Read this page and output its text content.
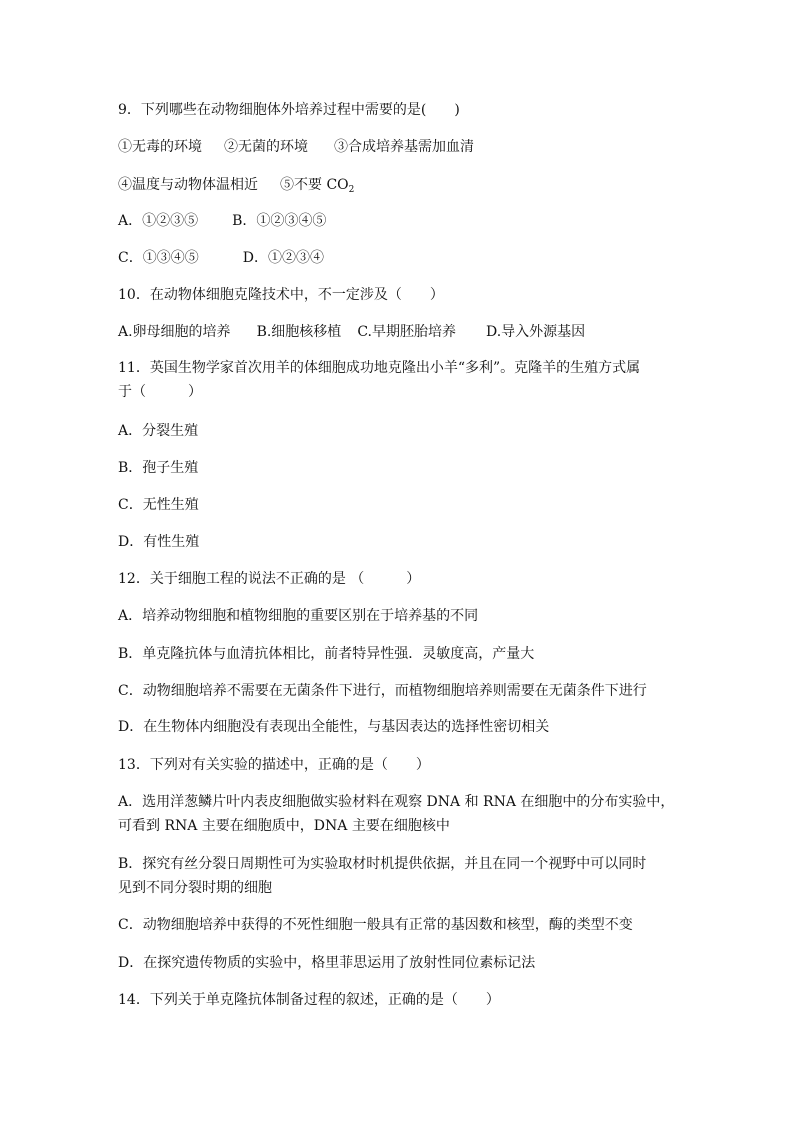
9．下列哪些在动物细胞体外培养过程中需要的是(　　)
①无毒的环境 ②无菌的环境 ③合成培养基需加血清
④温度与动物体温相近 ⑤不要 $CO_2$
A．①②③⑤ B．①②③④⑤
C．①③④⑤	D．①②③④
10．在动物体细胞克隆技术中，不一定涉及（　　）
A.卵母细胞的培养 B.细胞核移植 C.早期胚胎培养 D.导入外源基因
11．英国生物学家首次用羊的体细胞成功地克隆出小羊“多利”。克隆羊的生殖方式属
于（　　　）
A．分裂生殖
B．孢子生殖
C．无性生殖
D．有性生殖
12．关于细胞工程的说法不正确的是 （　　　）
A．培养动物细胞和植物细胞的重要区别在于培养基的不同
B．单克隆抗体与血清抗体相比，前者特异性强．灵敏度高，产量大
C．动物细胞培养不需要在无菌条件下进行，而植物细胞培养则需要在无菌条件下进行
D．在生物体内细胞没有表现出全能性，与基因表达的选择性密切相关
13．下列对有关实验的描述中，正确的是（　　）
A．选用洋葱鳞片叶内表皮细胞做实验材料在观察 DNA 和 RNA 在细胞中的分布实验中，
可看到 RNA 主要在细胞质中，DNA 主要在细胞核中
B．探究有丝分裂日周期性可为实验取材时机提供依据，并且在同一个视野中可以同时
见到不同分裂时期的细胞
C．动物细胞培养中获得的不死性细胞一般具有正常的基因数和核型，酶的类型不变
D．在探究遗传物质的实验中，格里菲思运用了放射性同位素标记法
14．下列关于单克隆抗体制备过程的叙述，正确的是（　　）
